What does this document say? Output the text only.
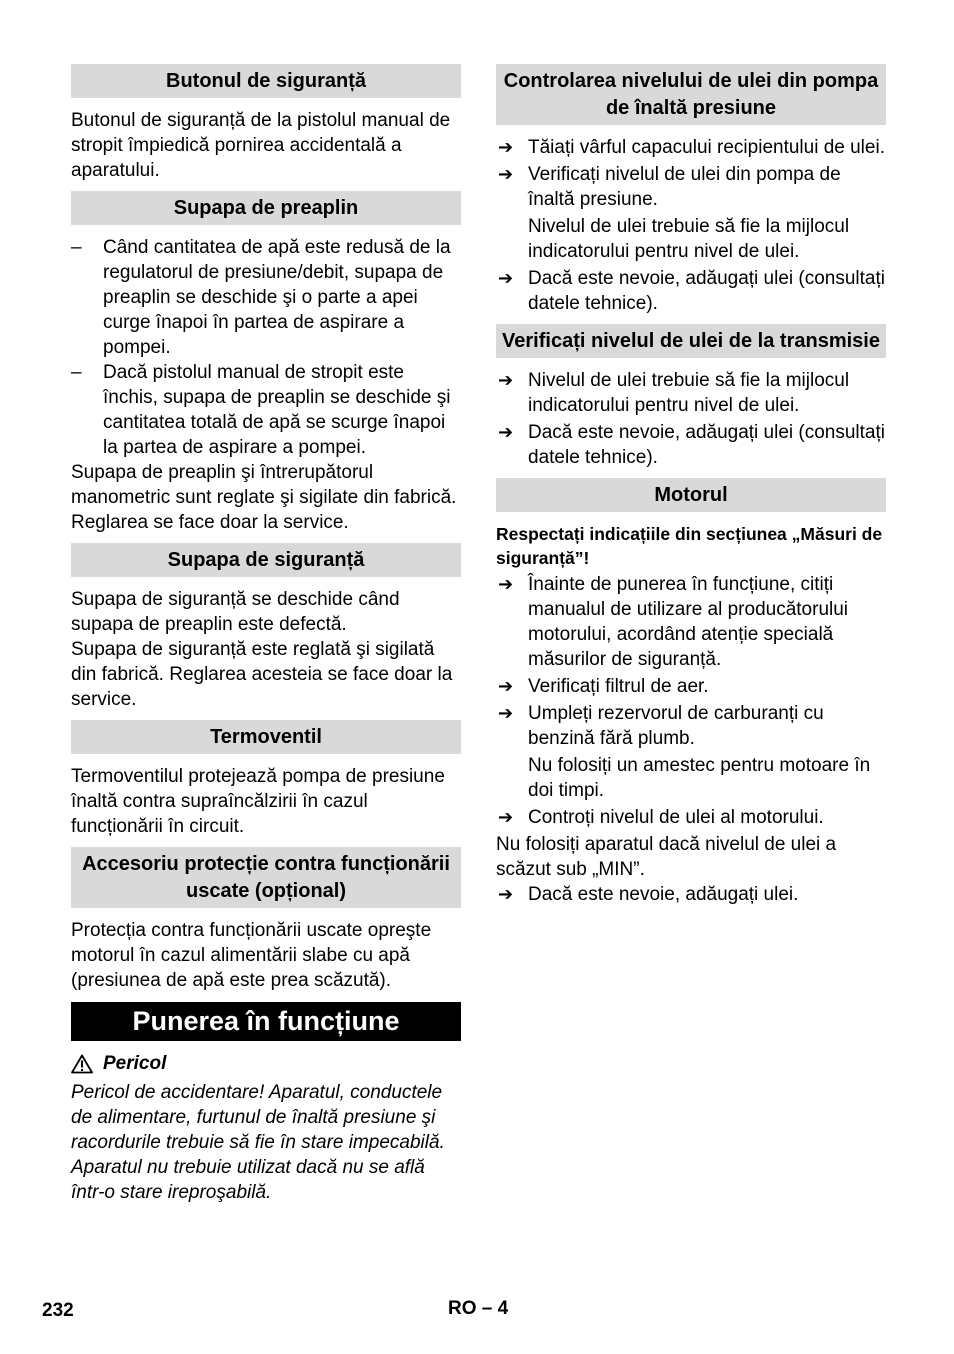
Butonul de siguranță

Butonul de siguranță de la pistolul manual de stropit împiedică pornirea accidentală a aparatului.

Supapa de preaplin
– Când cantitatea de apă este redusă de la regulatorul de presiune/debit, supapa de preaplin se deschide şi o parte a apei curge înapoi în partea de aspirare a pompei.
– Dacă pistolul manual de stropit este închis, supapa de preaplin se deschide şi cantitatea totală de apă se scurge înapoi la partea de aspirare a pompei.

Supapa de preaplin şi întrerupătorul manometric sunt reglate şi sigilate din fabrică. Reglarea se face doar la service.

Supapa de siguranță

Supapa de siguranță se deschide când supapa de preaplin este defectă.

Supapa de siguranță este reglată şi sigilată din fabrică. Reglarea acesteia se face doar la service.

Termoventil

Termoventilul protejează pompa de presiune înaltă contra supraîncălzirii în cazul funcționării în circuit.

Accesoriu protecție contra funcționării uscate (opțional)

Protecția contra funcționării uscate opreşte motorul în cazul alimentării slabe cu apă (presiunea de apă este prea scăzută).

Punerea în funcțiune
Pericol

Pericol de accidentare! Aparatul, conductele de alimentare, furtunul de înaltă presiune şi racordurile trebuie să fie în stare impecabilă. Aparatul nu trebuie utilizat dacă nu se află într-o stare ireproşabilă.

Controlarea nivelului de ulei din pompa de înaltă presiune
➔ Tăiați vârful capacului recipientului de ulei.
➔ Verificați nivelul de ulei din pompa de înaltă presiune.

Nivelul de ulei trebuie să fie la mijlocul indicatorului pentru nivel de ulei.

➔ Dacă este nevoie, adăugați ulei (consultați datele tehnice).
Verificați nivelul de ulei de la transmisie
➔ Nivelul de ulei trebuie să fie la mijlocul indicatorului pentru nivel de ulei.
➔ Dacă este nevoie, adăugați ulei (consultați datele tehnice).
Motorul

Respectați indicațiile din secțiunea „Măsuri de siguranță”!

➔ Înainte de punerea în funcțiune, citiți manualul de utilizare al producătorului motorului, acordând atenție specială măsurilor de siguranță.
➔ Verificați filtrul de aer.
➔ Umpleți rezervorul de carburanți cu benzină fără plumb.

Nu folosiți un amestec pentru motoare în doi timpi.

➔ Controți nivelul de ulei al motorului.

Nu folosiți aparatul dacă nivelul de ulei a scăzut sub „MIN”.

➔ Dacă este nevoie, adăugați ulei.
232	RO – 4
